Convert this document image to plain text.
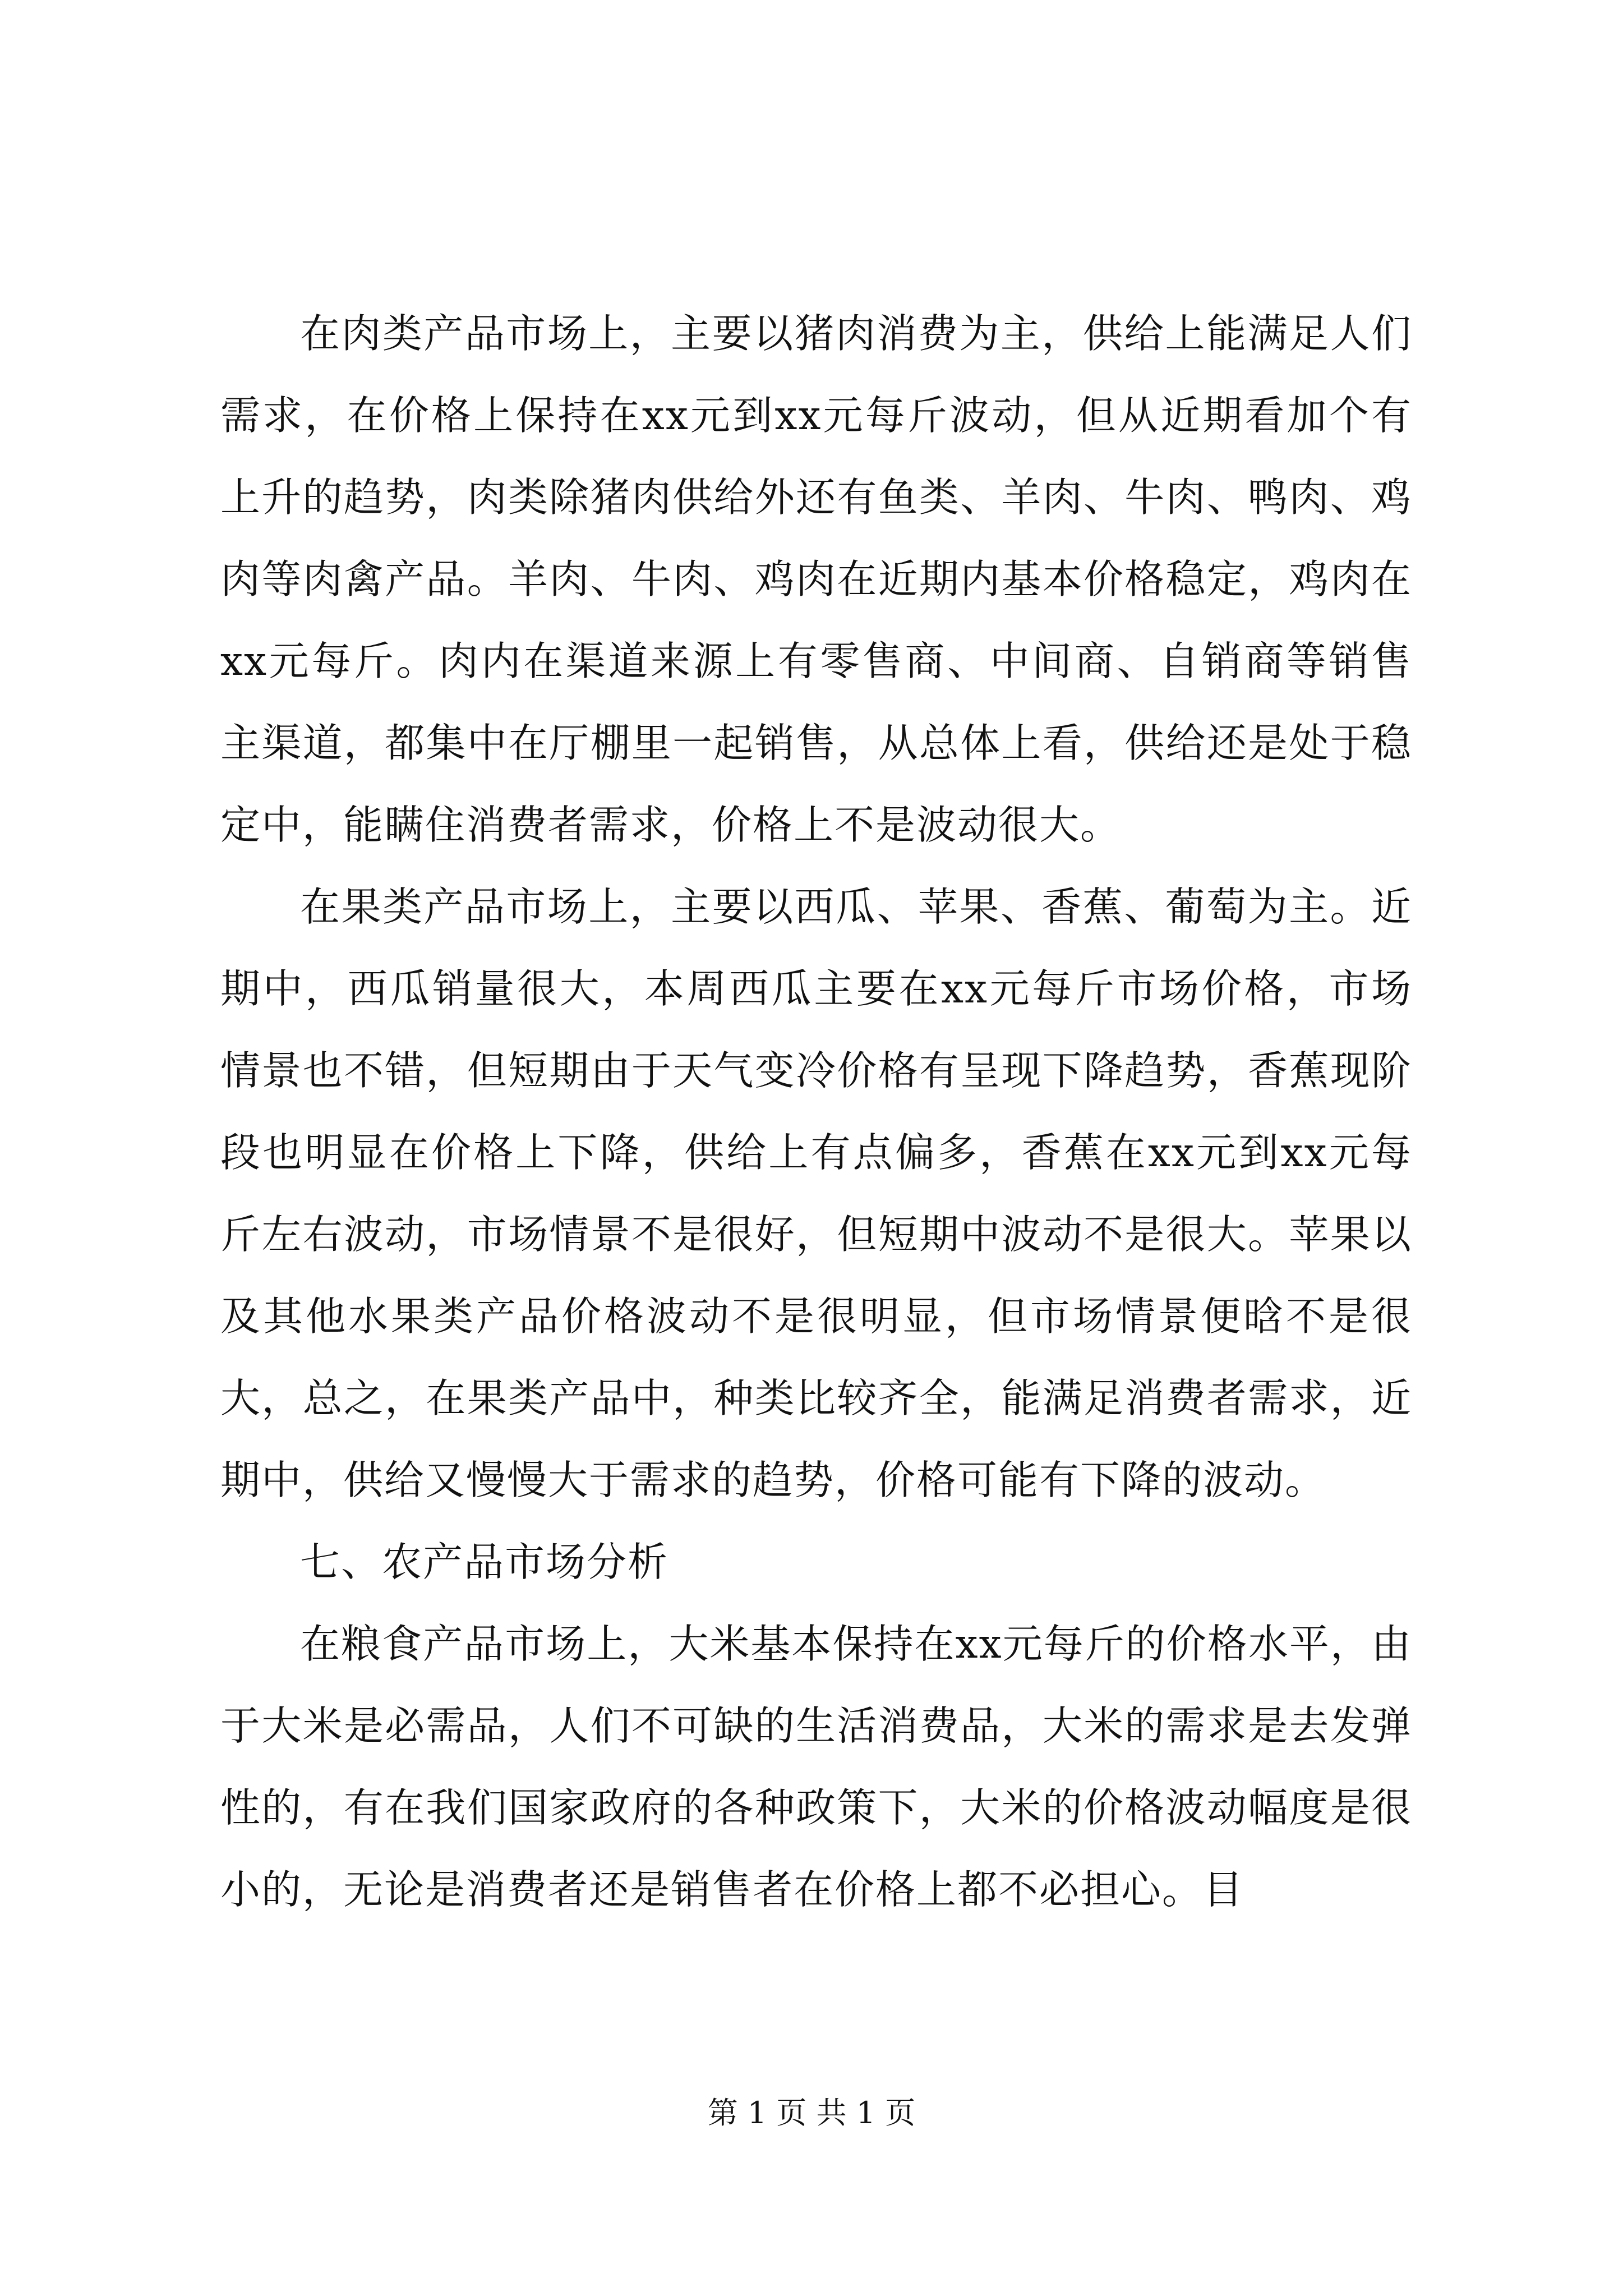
在肉类产品市场上，主要以猪肉消费为主，供给上能满足人们需求，在价格上保持在xx元到xx元每斤波动，但从近期看加个有上升的趋势，肉类除猪肉供给外还有鱼类、羊肉、牛肉、鸭肉、鸡肉等肉禽产品。羊肉、牛肉、鸡肉在近期内基本价格稳定，鸡肉在xx元每斤。肉内在渠道来源上有零售商、中间商、自销商等销售主渠道，都集中在厅棚里一起销售，从总体上看，供给还是处于稳定中，能瞒住消费者需求，价格上不是波动很大。

在果类产品市场上，主要以西瓜、苹果、香蕉、葡萄为主。近期中，西瓜销量很大，本周西瓜主要在xx元每斤市场价格，市场情景也不错，但短期由于天气变冷价格有呈现下降趋势，香蕉现阶段也明显在价格上下降，供给上有点偏多，香蕉在xx元到xx元每斤左右波动，市场情景不是很好，但短期中波动不是很大。苹果以及其他水果类产品价格波动不是很明显，但市场情景便晗不是很大，总之，在果类产品中，种类比较齐全，能满足消费者需求，近期中，供给又慢慢大于需求的趋势，价格可能有下降的波动。

七、农产品市场分析

在粮食产品市场上，大米基本保持在xx元每斤的价格水平，由于大米是必需品，人们不可缺的生活消费品，大米的需求是去发弹性的，有在我们国家政府的各种政策下，大米的价格波动幅度是很小的，无论是消费者还是销售者在价格上都不必担心。目

第 1 页 共 1 页
